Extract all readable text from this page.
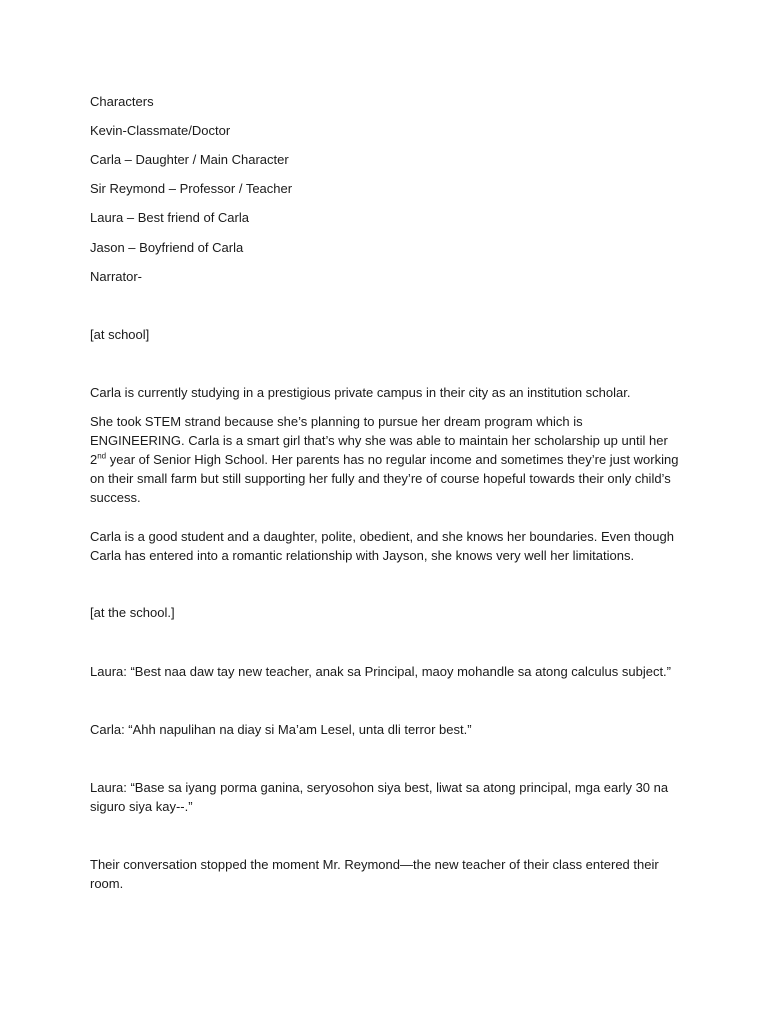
Characters
Kevin-Classmate/Doctor
Carla – Daughter / Main Character
Sir Reymond – Professor / Teacher
Laura – Best friend of Carla
Jason – Boyfriend of Carla
Narrator-
[at school]
Carla is currently studying in a prestigious private campus in their city as an institution scholar.
She took STEM strand because she’s planning to pursue her dream program which is ENGINEERING. Carla is a smart girl that’s why she was able to maintain her scholarship up until her 2nd year of Senior High School. Her parents has no regular income and sometimes they’re just working on their small farm but still supporting her fully and they’re of course hopeful towards their only child’s success.
Carla is a good student and a daughter, polite, obedient, and she knows her boundaries. Even though Carla has entered into a romantic relationship with Jayson, she knows very well her limitations.
[at the school.]
Laura: “Best naa daw tay new teacher, anak sa Principal, maoy mohandle sa atong calculus subject.”
Carla: “Ahh napulihan na diay si Ma’am Lesel, unta dli terror best.”
Laura: “Base sa iyang porma ganina, seryosohon siya best, liwat sa atong principal, mga early 30 na siguro siya kay--.”
Their conversation stopped the moment Mr. Reymond—the new teacher of their class entered their room.
